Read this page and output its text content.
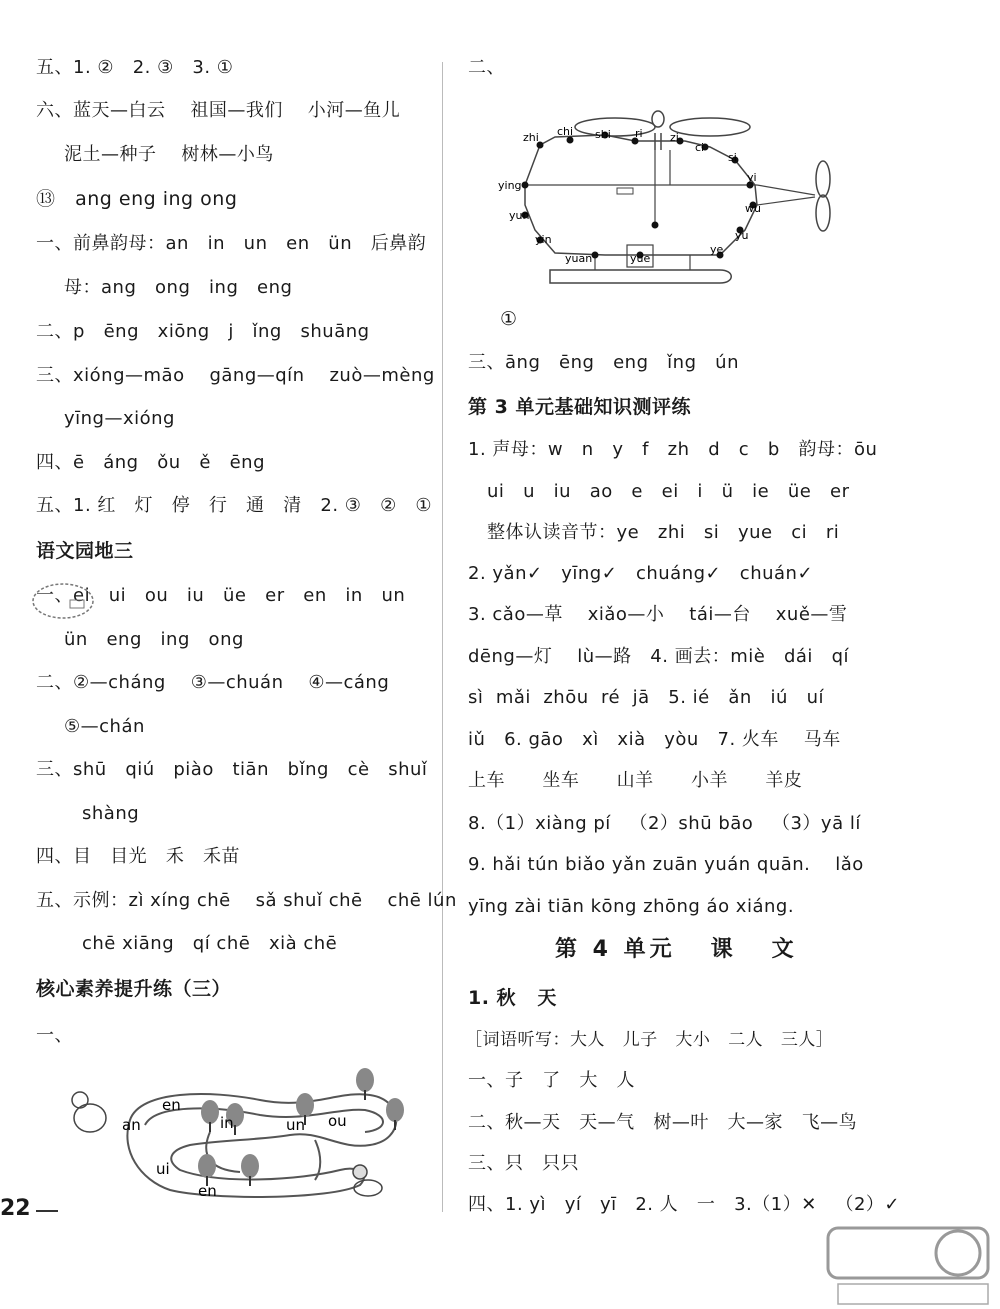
五、1. ②   2. ③   3. ①
六、蓝天—白云    祖国—我们    小河—鱼儿
泥土—种子    树林—小鸟
⑬   ang eng ing ong
一、前鼻韵母：an   in   un   en   ün   后鼻韵
母：ang   ong   ing   eng
二、p   ēng   xiōng   j   ǐng   shuāng
三、xióng—māo    gāng—qín    zuò—mèng
yīng—xióng
四、ē   áng   ǒu   ě   ēng
五、1. 红   灯   停   行   通   清   2. ③   ②   ①
语文园地三
一、ei   ui   ou   iu   üe   er   en   in   un
ün   eng   ing   ong
二、②—cháng    ③—chuán    ④—cáng
⑤—chán
三、shū   qiú   piào   tiān   bǐng   cè   shuǐ
shàng
四、目   目光   禾   禾苗
五、示例：zì xíng chē    sǎ shuǐ chē    chē lún
chē xiāng   qí chē   xià chē
核心素养提升练（三）
一、
en
an	in	un ou
ui
en
22
二、
zhi chi shi ri zi
ci
si
yi
ying
wu
yun
yu
yin
yuan	yue
ye
①
三、āng   ēng   eng   ǐng   ún
第 3 单元基础知识测评练
1. 声母：w   n   y   f   zh   d   c   b   韵母：ōu
ui   u   iu   ao   e   ei   i   ü   ie   üe   er
整体认读音节：ye   zhi   si   yue   ci   ri
2. yǎn✓   yīng✓   chuáng✓   chuán✓
3. cǎo—草    xiǎo—小    tái—台    xuě—雪
dēng—灯    lù—路   4. 画去：miè   dái   qí
sì  mǎi  zhōu  ré  jā   5. ié   ǎn   iú   uí
iǔ   6. gāo   xì   xià   yòu   7. 火车    马车
上车      坐车      山羊      小羊      羊皮
8.（1）xiàng pí   （2）shū bāo   （3）yā lí
9. hǎi tún biǎo yǎn zuān yuán quān.    lǎo
yīng zài tiān kōng zhōng áo xiáng.
第 4 单元   课   文
1. 秋   天
［词语听写：大人   儿子   大小   二人   三人］
一、子   了   大   人
二、秋—天   天—气   树—叶   大—家   飞—鸟
三、只   只只
四、1. yì   yí   yī   2. 人   一   3.（1）✕   （2）✓
